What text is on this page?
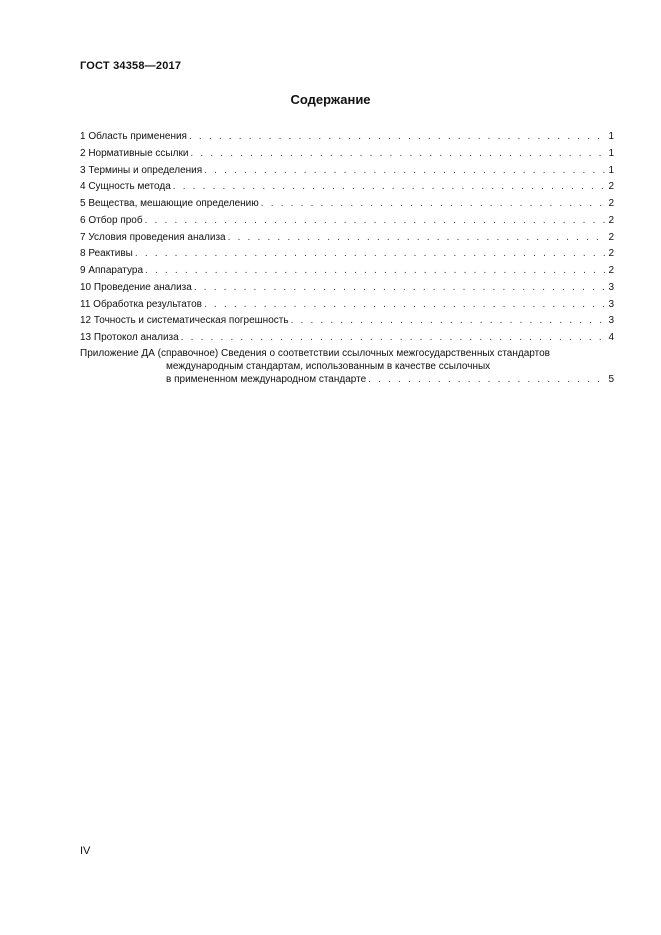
ГОСТ 34358—2017
Содержание
1 Область применения . . .	1
2 Нормативные ссылки . . .	1
3 Термины и определения . . .	1
4 Сущность метода . . .	2
5 Вещества, мешающие определению . . .	2
6 Отбор проб . . .	2
7 Условия проведения анализа . . .	2
8 Реактивы . . .	2
9 Аппаратура . . .	2
10 Проведение анализа . . .	3
11 Обработка результатов . . .	3
12 Точность и систематическая погрешность . . .	3
13 Протокол анализа . . .	4
Приложение ДА (справочное) Сведения о соответствии ссылочных межгосударственных стандартов
международным стандартам, использованным в качестве ссылочных
в примененном международном стандарте . . .	5
IV
